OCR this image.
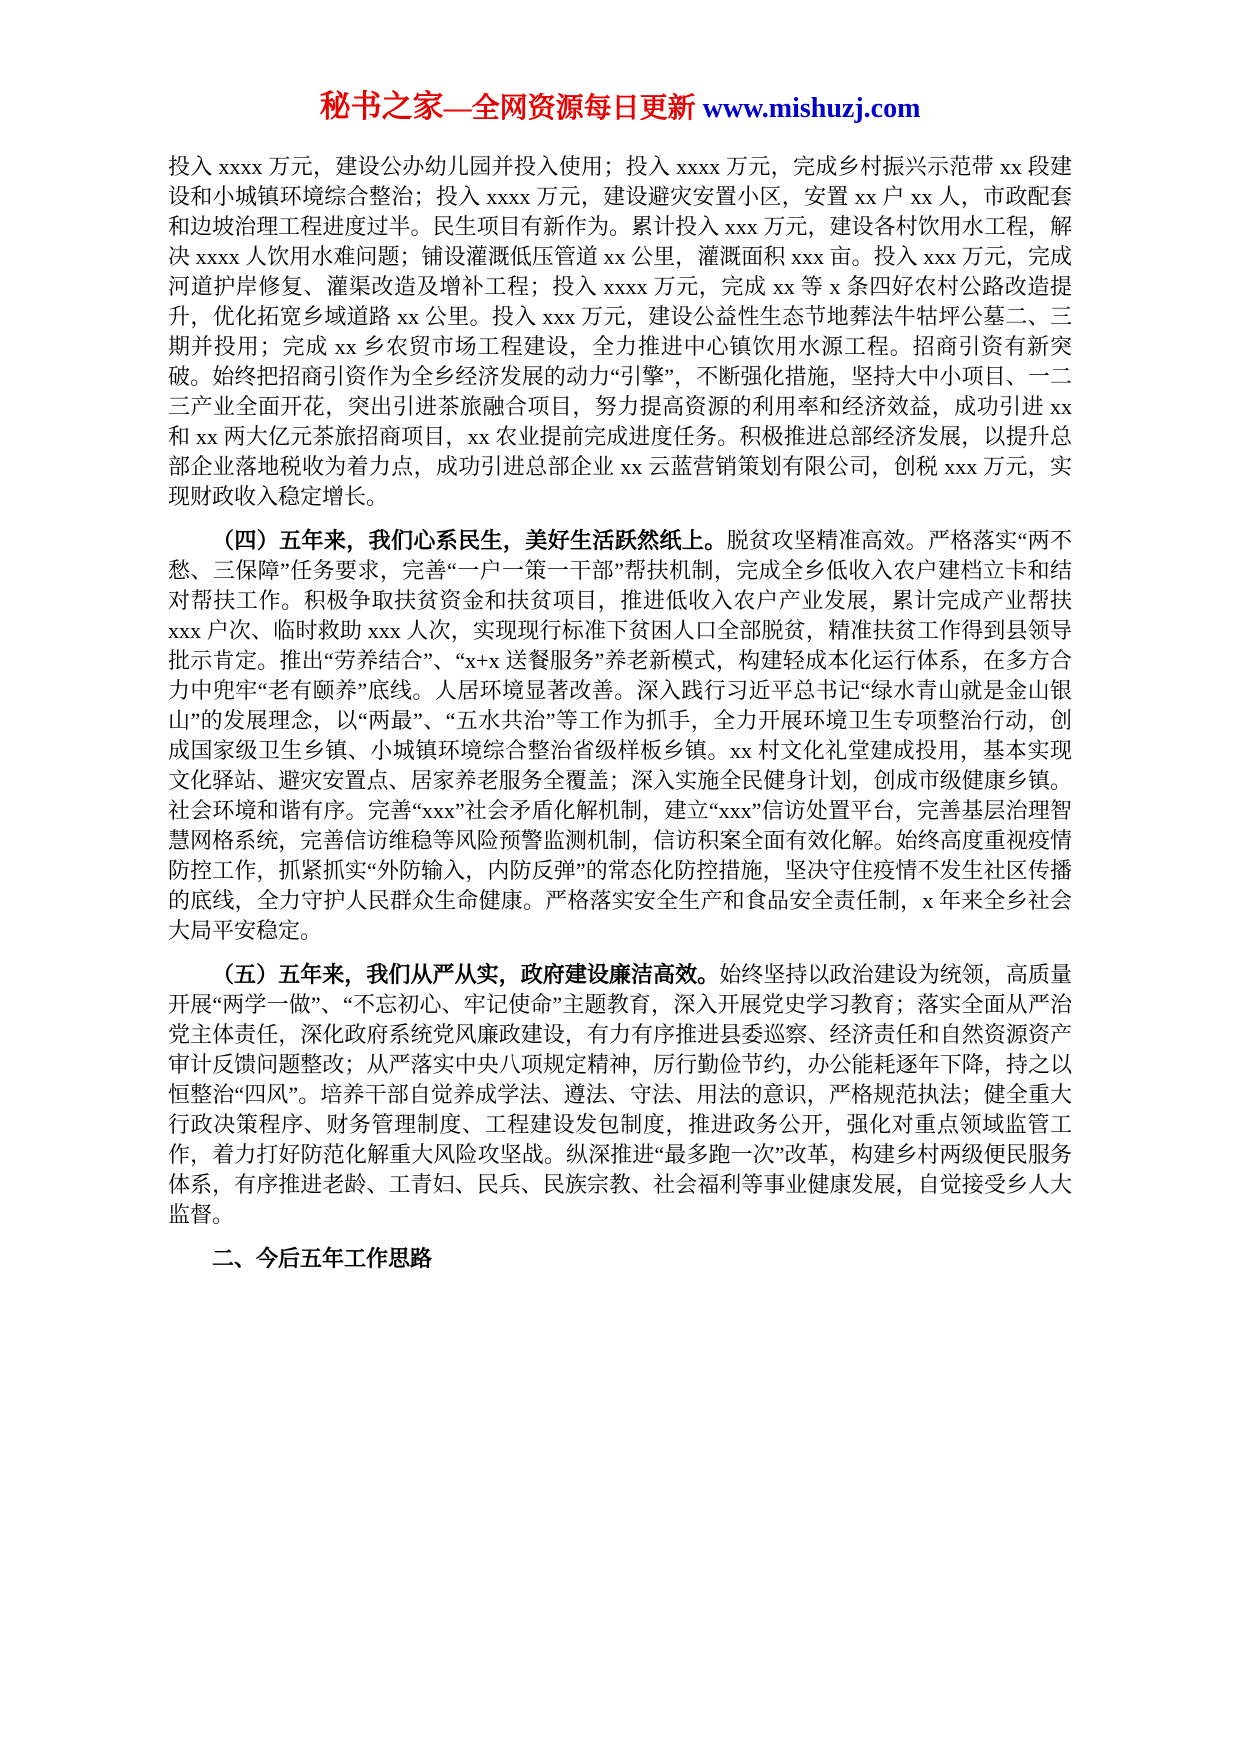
秘书之家—全网资源每日更新 www.mishuzj.com

投入 xxxx 万元，建设公办幼儿园并投入使用；投入 xxxx 万元，完成乡村振兴示范带 xx 段建设和小城镇环境综合整治；投入 xxxx 万元，建设避灾安置小区，安置 xx 户 xx 人，市政配套和边坡治理工程进度过半。民生项目有新作为。累计投入 xxx 万元，建设各村饮用水工程，解决 xxxx 人饮用水难问题；铺设灌溉低压管道 xx 公里，灌溉面积 xxx 亩。投入 xxx 万元，完成河道护岸修复、灌渠改造及增补工程；投入 xxxx 万元，完成 xx 等 x 条四好农村公路改造提升，优化拓宽乡域道路 xx 公里。投入 xxx 万元，建设公益性生态节地葬法牛牯坪公墓二、三期并投用；完成 xx 乡农贸市场工程建设，全力推进中心镇饮用水源工程。招商引资有新突破。始终把招商引资作为全乡经济发展的动力“引擎”，不断强化措施，坚持大中小项目、一二三产业全面开花，突出引进茶旅融合项目，努力提高资源的利用率和经济效益，成功引进 xx 和 xx 两大亿元茶旅招商项目，xx 农业提前完成进度任务。积极推进总部经济发展，以提升总部企业落地税收为着力点，成功引进总部企业 xx 云蓝营销策划有限公司，创税 xxx 万元，实现财政收入稳定增长。

（四）五年来，我们心系民生，美好生活跃然纸上。脱贫攻坚精准高效。严格落实“两不愁、三保障”任务要求，完善“一户一策一干部”帮扶机制，完成全乡低收入农户建档立卡和结对帮扶工作。积极争取扶贫资金和扶贫项目，推进低收入农户产业发展，累计完成产业帮扶 xxx 户次、临时救助 xxx 人次，实现现行标准下贫困人口全部脱贫，精准扶贫工作得到县领导批示肯定。推出“劳养结合”、“x+x 送餐服务”养老新模式，构建轻成本化运行体系，在多方合力中兜牢“老有颐养”底线。人居环境显著改善。深入践行习近平总书记“绿水青山就是金山银山”的发展理念，以“两最”、“五水共治”等工作为抓手，全力开展环境卫生专项整治行动，创成国家级卫生乡镇、小城镇环境综合整治省级样板乡镇。xx 村文化礼堂建成投用，基本实现文化驿站、避灾安置点、居家养老服务全覆盖；深入实施全民健身计划，创成市级健康乡镇。社会环境和谐有序。完善“xxx”社会矛盾化解机制，建立“xxx”信访处置平台，完善基层治理智慧网格系统，完善信访维稳等风险预警监测机制，信访积案全面有效化解。始终高度重视疫情防控工作，抓紧抓实“外防输入，内防反弹”的常态化防控措施，坚决守住疫情不发生社区传播的底线，全力守护人民群众生命健康。严格落实安全生产和食品安全责任制，x 年来全乡社会大局平安稳定。

（五）五年来，我们从严从实，政府建设廉洁高效。始终坚持以政治建设为统领，高质量开展“两学一做”、“不忘初心、牢记使命”主题教育，深入开展党史学习教育；落实全面从严治党主体责任，深化政府系统党风廉政建设，有力有序推进县委巡察、经济责任和自然资源资产审计反馈问题整改；从严落实中央八项规定精神，厉行勤俭节约，办公能耗逐年下降，持之以恒整治“四风”。培养干部自觉养成学法、遵法、守法、用法的意识，严格规范执法；健全重大行政决策程序、财务管理制度、工程建设发包制度，推进政务公开，强化对重点领域监管工作，着力打好防范化解重大风险攻坚战。纵深推进“最多跑一次”改革，构建乡村两级便民服务体系，有序推进老龄、工青妇、民兵、民族宗教、社会福利等事业健康发展，自觉接受乡人大监督。

二、今后五年工作思路
